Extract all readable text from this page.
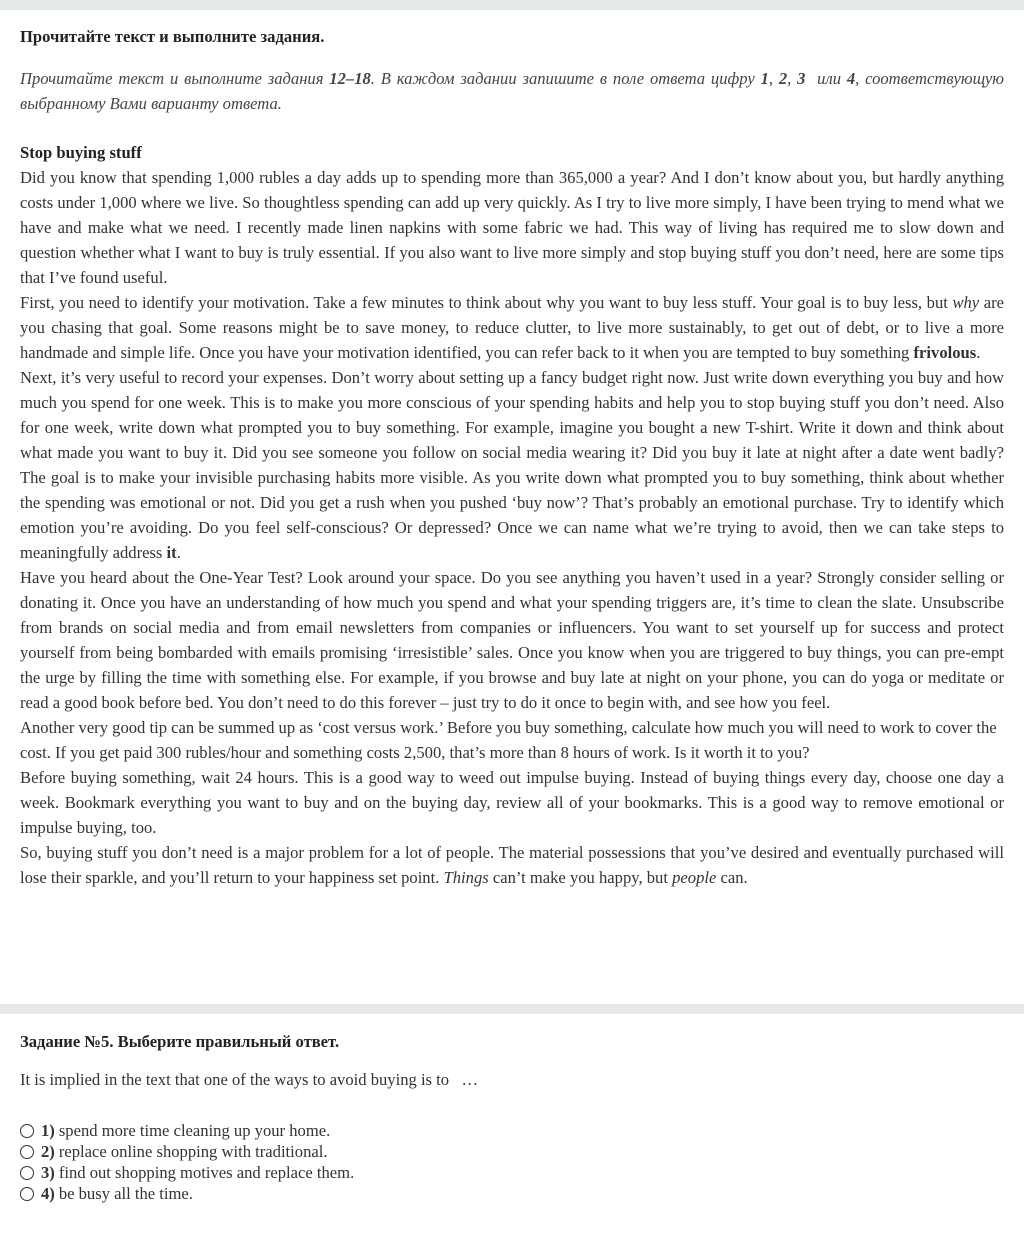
Прочитайте текст и выполните задания.

Прочитайте текст и выполните задания 12–18. В каждом задании запишите в поле ответа цифру 1, 2, 3  или 4, соответствующую выбранному Вами варианту ответа.

Stop buying stuff

Did you know that spending 1,000 rubles a day adds up to spending more than 365,000 a year? And I don’t know about you, but hardly anything costs under 1,000 where we live. So thoughtless spending can add up very quickly. As I try to live more simply, I have been trying to mend what we have and make what we need. I recently made linen napkins with some fabric we had. This way of living has required me to slow down and question whether what I want to buy is truly essential. If you also want to live more simply and stop buying stuff you don’t need, here are some tips that I’ve found useful.

First, you need to identify your motivation. Take a few minutes to think about why you want to buy less stuff. Your goal is to buy less, but why are you chasing that goal. Some reasons might be to save money, to reduce clutter, to live more sustainably, to get out of debt, or to live a more handmade and simple life. Once you have your motivation identified, you can refer back to it when you are tempted to buy something frivolous.

Next, it’s very useful to record your expenses. Don’t worry about setting up a fancy budget right now. Just write down everything you buy and how much you spend for one week. This is to make you more conscious of your spending habits and help you to stop buying stuff you don’t need. Also for one week, write down what prompted you to buy something. For example, imagine you bought a new T-shirt. Write it down and think about what made you want to buy it. Did you see someone you follow on social media wearing it? Did you buy it late at night after a date went badly? The goal is to make your invisible purchasing habits more visible. As you write down what prompted you to buy something, think about whether the spending was emotional or not. Did you get a rush when you pushed ‘buy now’? That’s probably an emotional purchase. Try to identify which emotion you’re avoiding. Do you feel self-conscious? Or depressed? Once we can name what we’re trying to avoid, then we can take steps to meaningfully address it.

Have you heard about the One-Year Test? Look around your space. Do you see anything you haven’t used in a year? Strongly consider selling or donating it. Once you have an understanding of how much you spend and what your spending triggers are, it’s time to clean the slate. Unsubscribe from brands on social media and from email newsletters from companies or influencers. You want to set yourself up for success and protect yourself from being bombarded with emails promising ‘irresistible’ sales. Once you know when you are triggered to buy things, you can pre-empt the urge by filling the time with something else. For example, if you browse and buy late at night on your phone, you can do yoga or meditate or read a good book before bed. You don’t need to do this forever – just try to do it once to begin with, and see how you feel.

Another very good tip can be summed up as ‘cost versus work.’ Before you buy something, calculate how much you will need to work to cover the cost. If you get paid 300 rubles/hour and something costs 2,500, that’s more than 8 hours of work. Is it worth it to you?

Before buying something, wait 24 hours. This is a good way to weed out impulse buying. Instead of buying things every day, choose one day a week. Bookmark everything you want to buy and on the buying day, review all of your bookmarks. This is a good way to remove emotional or impulse buying, too.

So, buying stuff you don’t need is a major problem for a lot of people. The material possessions that you’ve desired and eventually purchased will lose their sparkle, and you’ll return to your happiness set point. Things can’t make you happy, but people can.

Задание №5. Выберите правильный ответ.

It is implied in the text that one of the ways to avoid buying is to   …

1) spend more time cleaning up your home.
2) replace online shopping with traditional.
3) find out shopping motives and replace them.
4) be busy all the time.
